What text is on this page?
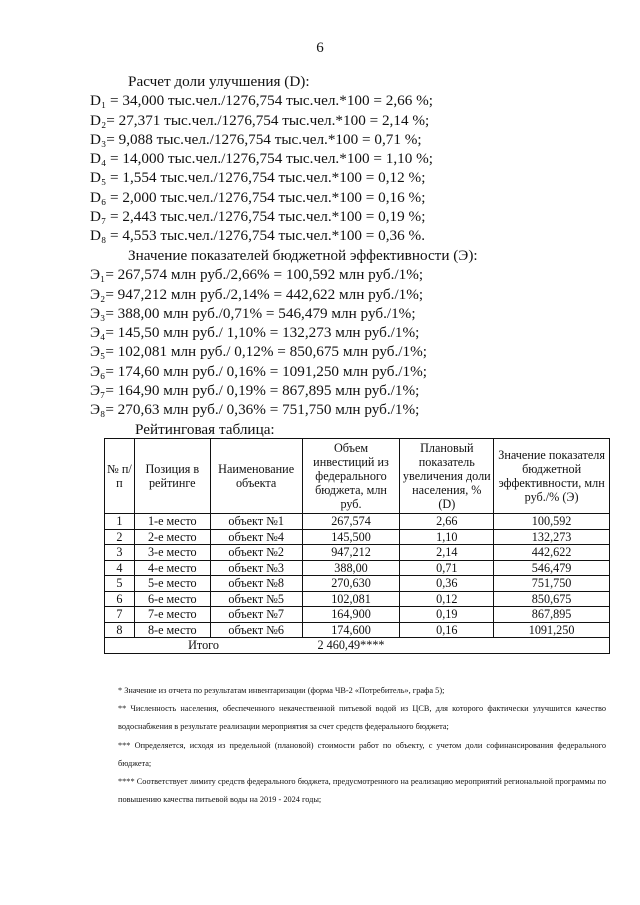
6
Расчет доли улучшения (D):
D₁ = 34,000 тыс.чел./1276,754 тыс.чел.*100 = 2,66 %;
D₂= 27,371 тыс.чел./1276,754 тыс.чел.*100 = 2,14 %;
D₃= 9,088 тыс.чел./1276,754 тыс.чел.*100 = 0,71 %;
D₄ = 14,000 тыс.чел./1276,754 тыс.чел.*100 = 1,10 %;
D₅ = 1,554 тыс.чел./1276,754 тыс.чел.*100 = 0,12 %;
D₆ = 2,000 тыс.чел./1276,754 тыс.чел.*100 = 0,16 %;
D₇ = 2,443 тыс.чел./1276,754 тыс.чел.*100 = 0,19 %;
D₈ = 4,553 тыс.чел./1276,754 тыс.чел.*100 = 0,36 %.
Значение показателей бюджетной эффективности (Э):
Э₁= 267,574 млн руб./2,66% = 100,592 млн руб./1%;
Э₂= 947,212 млн руб./2,14% = 442,622 млн руб./1%;
Э₃= 388,00 млн руб./0,71% = 546,479 млн руб./1%;
Э₄= 145,50 млн руб./ 1,10% = 132,273 млн руб./1%;
Э₅= 102,081 млн руб./ 0,12% = 850,675 млн руб./1%;
Э₆= 174,60 млн руб./ 0,16% = 1091,250 млн руб./1%;
Э₇= 164,90 млн руб./ 0,19% = 867,895 млн руб./1%;
Э₈= 270,63 млн руб./ 0,36% = 751,750 млн руб./1%;
Рейтинговая таблица:
№ п/п	Позиция в рейтинге	Наименование объекта	Объем инвестиций из федерального бюджета, млн руб.	Плановый показатель увеличения доли населения, % (D)	Значение показателя бюджетной эффективности, млн руб./% (Э)
1	1-е место	объект №1	267,574	2,66	100,592
2	2-е место	объект №4	145,500	1,10	132,273
3	3-е место	объект №2	947,212	2,14	442,622
4	4-е место	объект №3	388,00	0,71	546,479
5	5-е место	объект №8	270,630	0,36	751,750
6	6-е место	объект №5	102,081	0,12	850,675
7	7-е место	объект №7	164,900	0,19	867,895
8	8-е место	объект №6	174,600	0,16	1091,250
Итого			2 460,49****		

* Значение из отчета по результатам инвентаризации (форма ЧВ-2 «Потребитель», графа 5);

** Численность населения, обеспеченного некачественной питьевой водой из ЦСВ, для которого фактически улучшится качество водоснабжения в результате реализации мероприятия за счет средств федерального бюджета;

*** Определяется, исходя из предельной (плановой) стоимости работ по объекту, с учетом доли софинансирования федерального бюджета;

**** Соответствует лимиту средств федерального бюджета, предусмотренного на реализацию мероприятий региональной программы по повышению качества питьевой воды на 2019 - 2024 годы;
